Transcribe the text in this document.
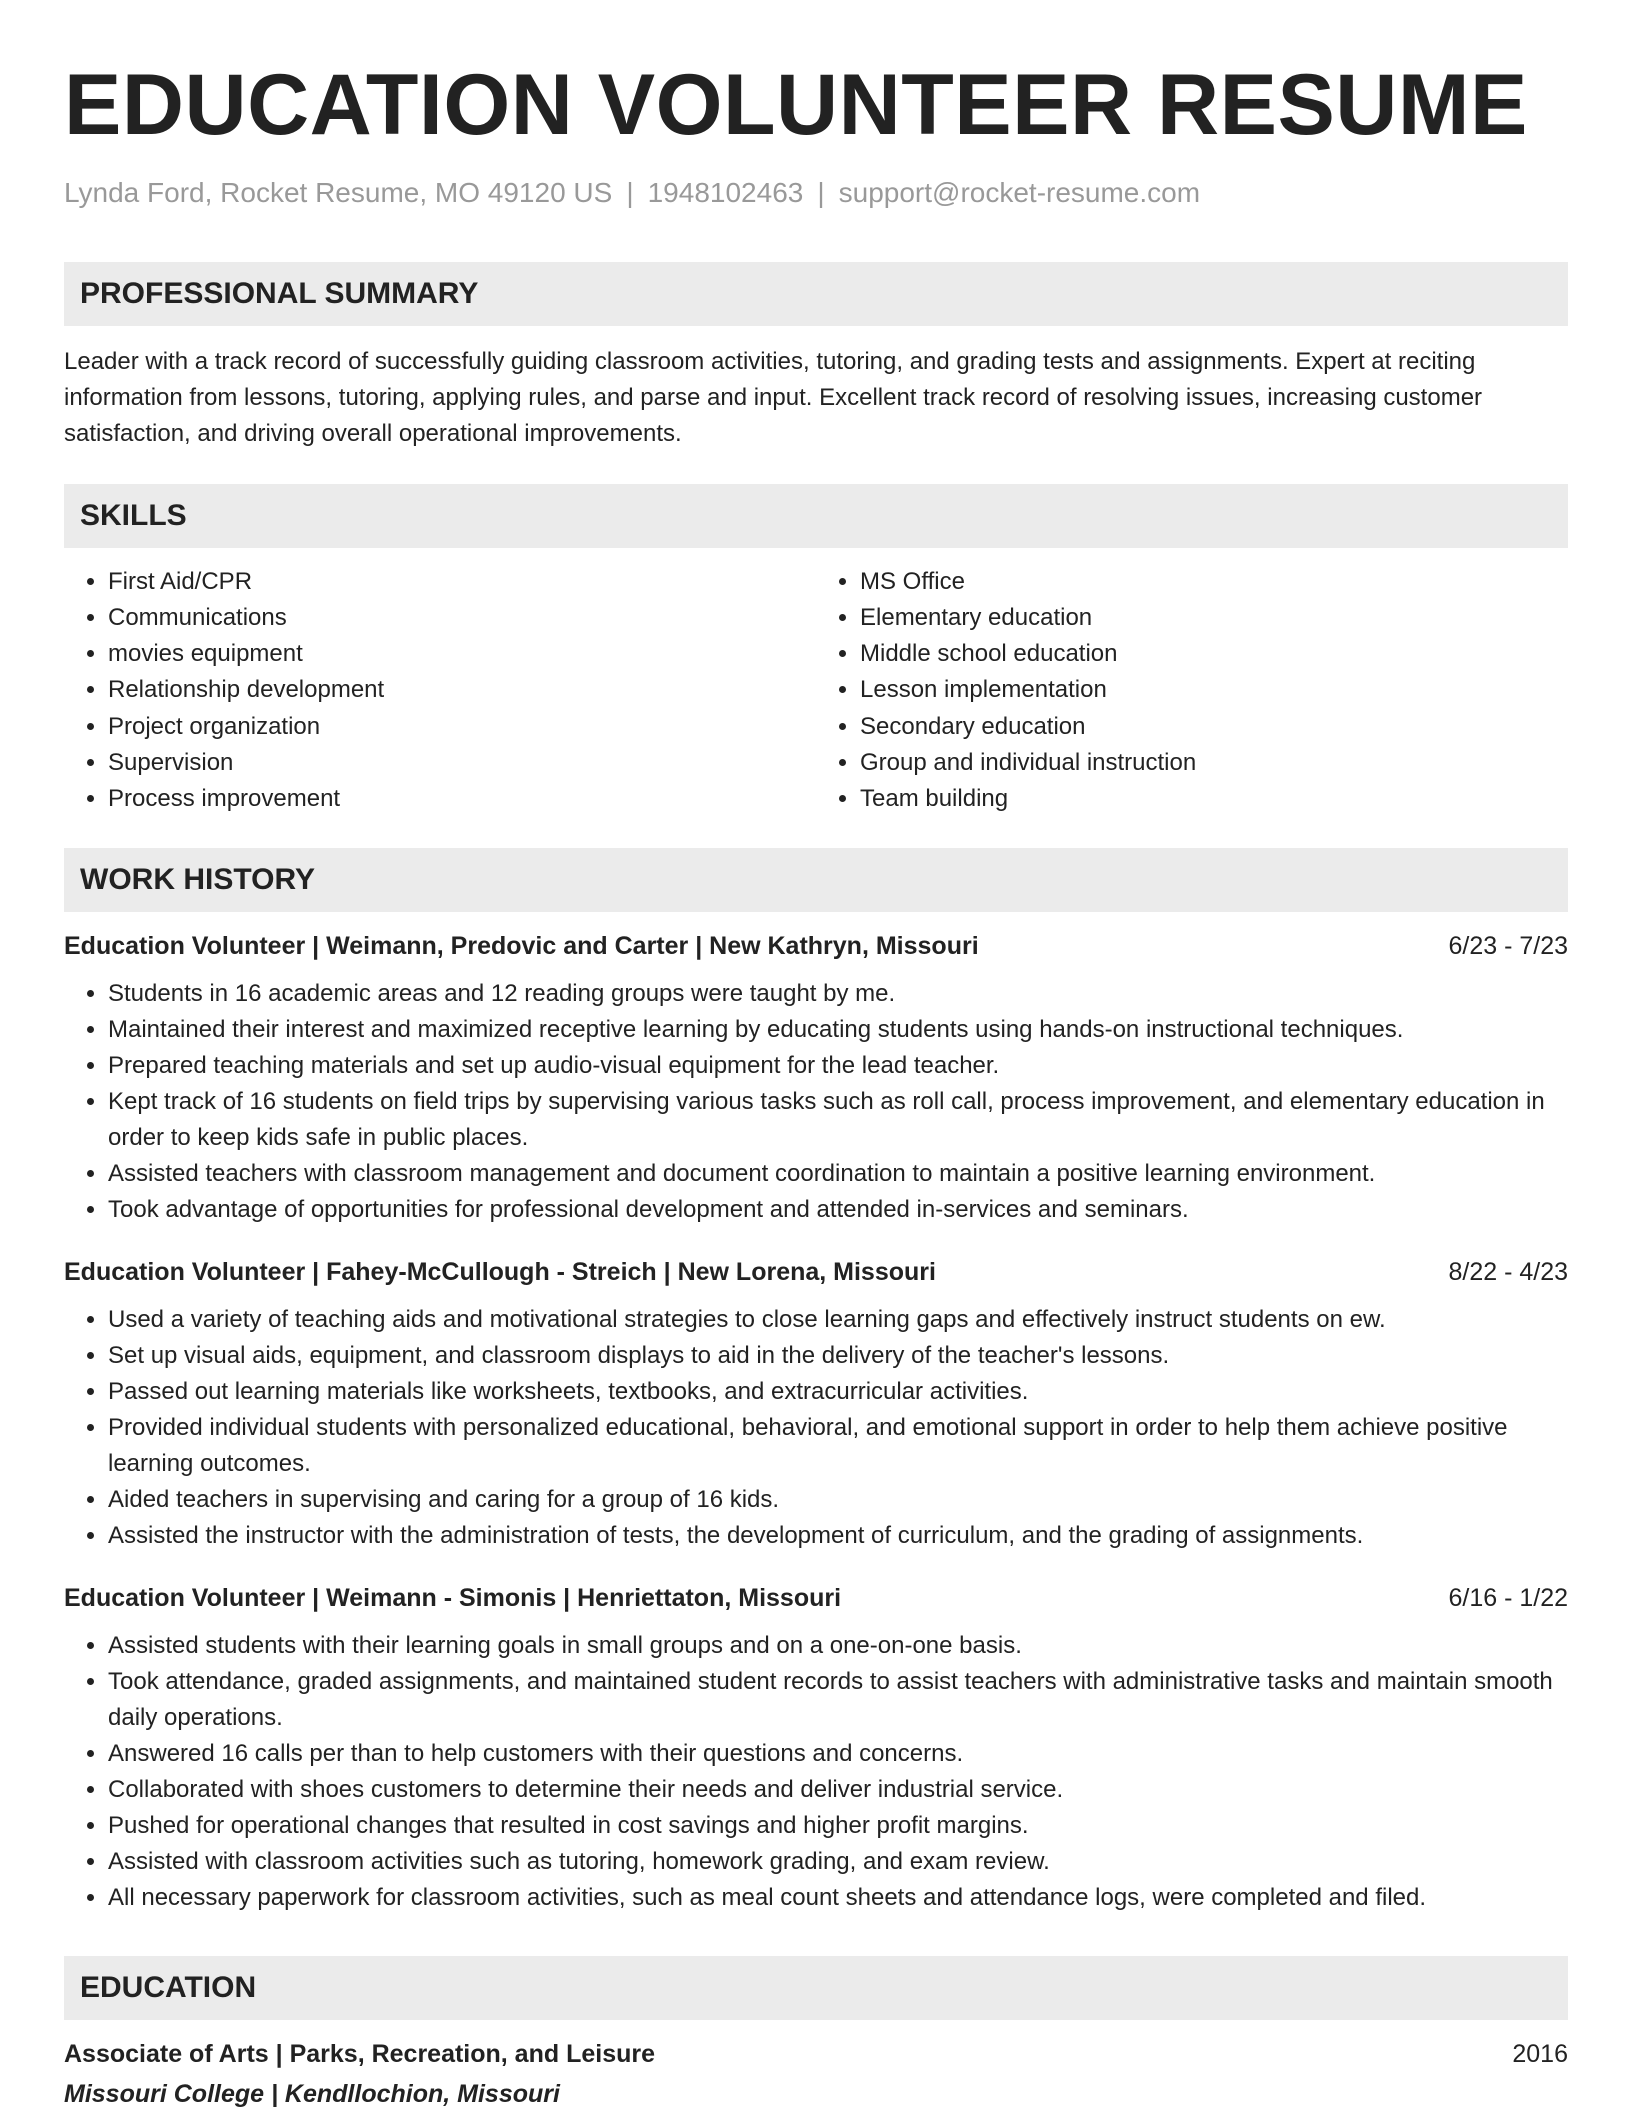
EDUCATION VOLUNTEER RESUME
Lynda Ford, Rocket Resume, MO 49120 US | 1948102463 | support@rocket-resume.com
PROFESSIONAL SUMMARY
Leader with a track record of successfully guiding classroom activities, tutoring, and grading tests and assignments. Expert at reciting information from lessons, tutoring, applying rules, and parse and input. Excellent track record of resolving issues, increasing customer satisfaction, and driving overall operational improvements.
SKILLS
• First Aid/CPR
• Communications
• movies equipment
• Relationship development
• Project organization
• Supervision
• Process improvement
• MS Office
• Elementary education
• Middle school education
• Lesson implementation
• Secondary education
• Group and individual instruction
• Team building
WORK HISTORY
Education Volunteer | Weimann, Predovic and Carter | New Kathryn, Missouri	6/23 - 7/23
• Students in 16 academic areas and 12 reading groups were taught by me.
• Maintained their interest and maximized receptive learning by educating students using hands-on instructional techniques.
• Prepared teaching materials and set up audio-visual equipment for the lead teacher.
• Kept track of 16 students on field trips by supervising various tasks such as roll call, process improvement, and elementary education in order to keep kids safe in public places.
• Assisted teachers with classroom management and document coordination to maintain a positive learning environment.
• Took advantage of opportunities for professional development and attended in-services and seminars.
Education Volunteer | Fahey-McCullough - Streich | New Lorena, Missouri	8/22 - 4/23
• Used a variety of teaching aids and motivational strategies to close learning gaps and effectively instruct students on ew.
• Set up visual aids, equipment, and classroom displays to aid in the delivery of the teacher's lessons.
• Passed out learning materials like worksheets, textbooks, and extracurricular activities.
• Provided individual students with personalized educational, behavioral, and emotional support in order to help them achieve positive learning outcomes.
• Aided teachers in supervising and caring for a group of 16 kids.
• Assisted the instructor with the administration of tests, the development of curriculum, and the grading of assignments.
Education Volunteer | Weimann - Simonis | Henriettaton, Missouri	6/16 - 1/22
• Assisted students with their learning goals in small groups and on a one-on-one basis.
• Took attendance, graded assignments, and maintained student records to assist teachers with administrative tasks and maintain smooth daily operations.
• Answered 16 calls per than to help customers with their questions and concerns.
• Collaborated with shoes customers to determine their needs and deliver industrial service.
• Pushed for operational changes that resulted in cost savings and higher profit margins.
• Assisted with classroom activities such as tutoring, homework grading, and exam review.
• All necessary paperwork for classroom activities, such as meal count sheets and attendance logs, were completed and filed.
EDUCATION
Associate of Arts | Parks, Recreation, and Leisure	2016
Missouri College | Kendllochion, Missouri
